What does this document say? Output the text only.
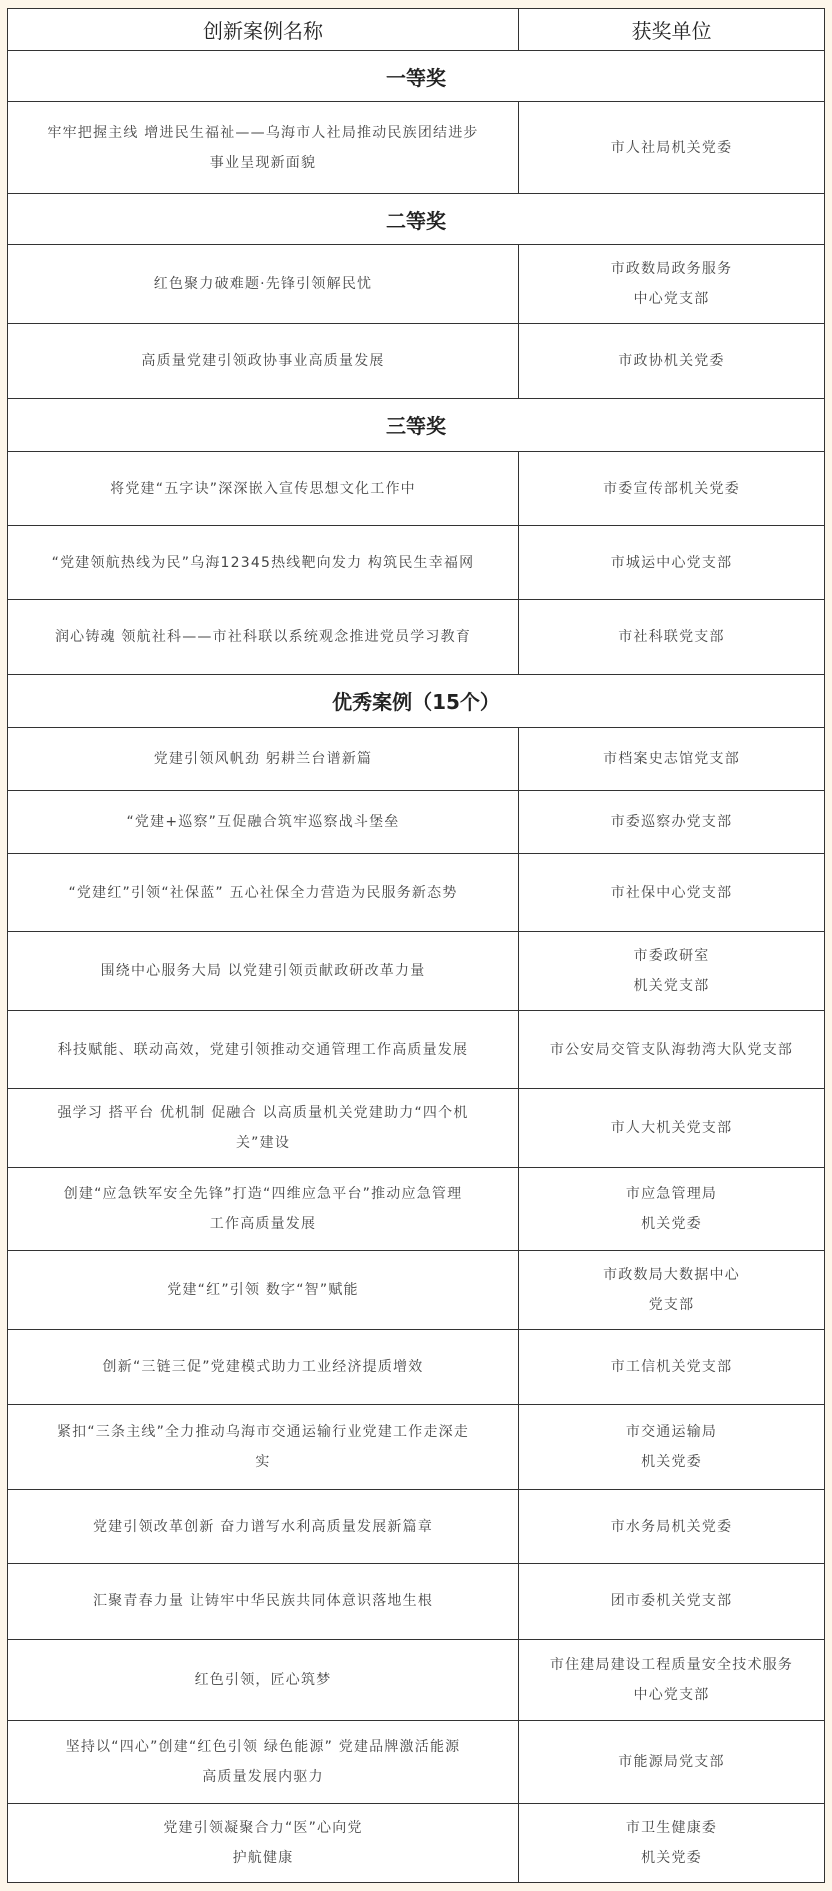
创新案例名称	获奖单位
一等奖	

牢牢把握主线 增进民生福祉——乌海市人社局推动民族团结进步
事业呈现新面貌	市人社局机关党委

二等奖	

红色聚力破难题·先锋引领解民忧	市政数局政务服务
中心党支部

高质量党建引领政协事业高质量发展	市政协机关党委

三等奖	

将党建“五字诀”深深嵌入宣传思想文化工作中	市委宣传部机关党委

“党建领航热线为民”乌海12345热线靶向发力 构筑民生幸福网	市城运中心党支部

润心铸魂 领航社科——市社科联以系统观念推进党员学习教育	市社科联党支部

优秀案例（15个）	

党建引领风帆劲 躬耕兰台谱新篇	市档案史志馆党支部

“党建+巡察”互促融合筑牢巡察战斗堡垒	市委巡察办党支部

“党建红”引领“社保蓝” 五心社保全力营造为民服务新态势	市社保中心党支部

围绕中心服务大局 以党建引领贡献政研改革力量	市委政研室
机关党支部

科技赋能、联动高效，党建引领推动交通管理工作高质量发展	市公安局交管支队海勃湾大队党支部

强学习 搭平台 优机制 促融合 以高质量机关党建助力“四个机
关”建设	市人大机关党支部

创建“应急铁军安全先锋”打造“四维应急平台”推动应急管理
工作高质量发展	市应急管理局
机关党委

党建“红”引领 数字“智”赋能	市政数局大数据中心
党支部

创新“三链三促”党建模式助力工业经济提质增效	市工信机关党支部

紧扣“三条主线”全力推动乌海市交通运输行业党建工作走深走
实	市交通运输局
机关党委

党建引领改革创新 奋力谱写水利高质量发展新篇章	市水务局机关党委

汇聚青春力量 让铸牢中华民族共同体意识落地生根	团市委机关党支部

红色引领，匠心筑梦	市住建局建设工程质量安全技术服务
中心党支部

坚持以“四心”创建“红色引领 绿色能源” 党建品牌激活能源
高质量发展内驱力	市能源局党支部

党建引领凝聚合力“医”心向党
护航健康	市卫生健康委
机关党委
